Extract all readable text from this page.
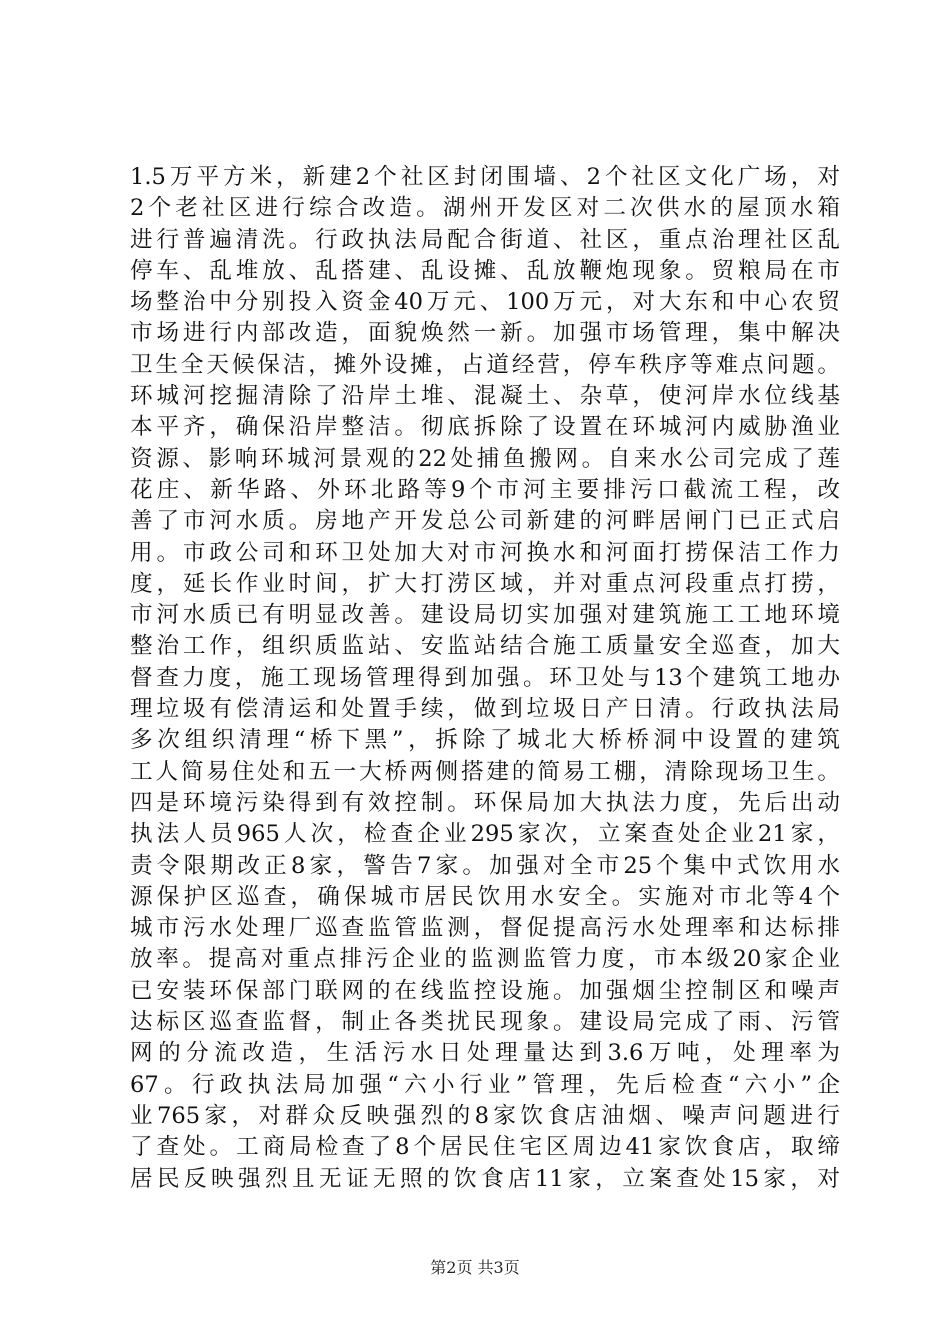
1.5万平方米，新建2个社区封闭围墙、2个社区文化广场，对
2个老社区进行综合改造。湖州开发区对二次供水的屋顶水箱
进行普遍清洗。行政执法局配合街道、社区，重点治理社区乱
停车、乱堆放、乱搭建、乱设摊、乱放鞭炮现象。贸粮局在市
场整治中分别投入资金40万元、100万元，对大东和中心农贸
市场进行内部改造，面貌焕然一新。加强市场管理，集中解决
卫生全天候保洁，摊外设摊，占道经营，停车秩序等难点问题。
环城河挖掘清除了沿岸土堆、混凝土、杂草，使河岸水位线基
本平齐，确保沿岸整洁。彻底拆除了设置在环城河内威胁渔业
资源、影响环城河景观的22处捕鱼搬网。自来水公司完成了莲
花庄、新华路、外环北路等9个市河主要排污口截流工程，改
善了市河水质。房地产开发总公司新建的河畔居闸门已正式启
用。市政公司和环卫处加大对市河换水和河面打捞保洁工作力
度，延长作业时间，扩大打涝区域，并对重点河段重点打捞，
市河水质已有明显改善。建设局切实加强对建筑施工工地环境
整治工作，组织质监站、安监站结合施工质量安全巡查，加大
督查力度，施工现场管理得到加强。环卫处与13个建筑工地办
理垃圾有偿清运和处置手续，做到垃圾日产日清。行政执法局
多次组织清理“桥下黑”，拆除了城北大桥桥洞中设置的建筑
工人简易住处和五一大桥两侧搭建的简易工棚，清除现场卫生。
四是环境污染得到有效控制。环保局加大执法力度，先后出动
执法人员965人次，检查企业295家次，立案查处企业21家，
责令限期改正8家，警告7家。加强对全市25个集中式饮用水
源保护区巡查，确保城市居民饮用水安全。实施对市北等4个
城市污水处理厂巡查监管监测，督促提高污水处理率和达标排
放率。提高对重点排污企业的监测监管力度，市本级20家企业
已安装环保部门联网的在线监控设施。加强烟尘控制区和噪声
达标区巡查监督，制止各类扰民现象。建设局完成了雨、污管
网的分流改造，生活污水日处理量达到3.6万吨，处理率为
67。行政执法局加强“六小行业”管理，先后检查“六小”企
业765家，对群众反映强烈的8家饮食店油烟、噪声问题进行
了查处。工商局检查了8个居民住宅区周边41家饮食店，取缔
居民反映强烈且无证无照的饮食店11家，立案查处15家，对
第2页 共3页
